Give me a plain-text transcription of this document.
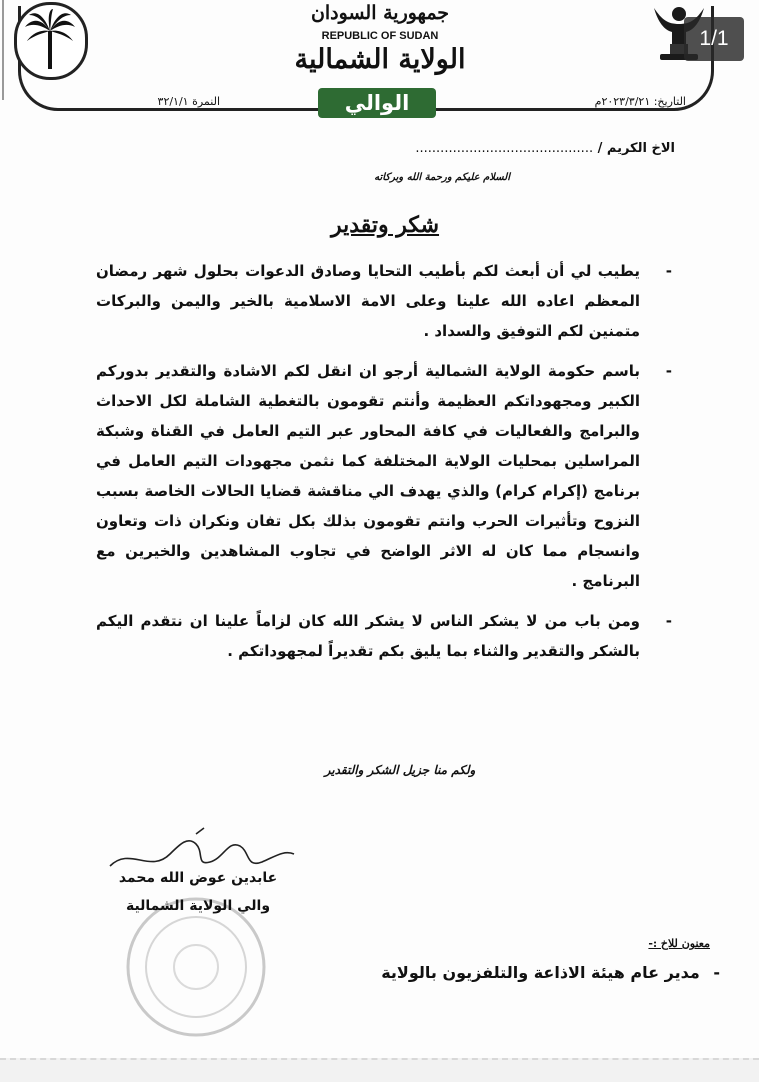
جمهورية السودان
REPUBLIC OF SUDAN
الولاية الشمالية
الوالي	التاريخ: ٢٠٢٣/٣/٢١م
النمرة ٣٢/١/١
1/1
الاخ الكريم / ...........................................
السلام عليكم ورحمة الله وبركاته
شكر وتقدير

-
يطيب لي أن أبعث لكم بأطيب التحايا وصادق الدعوات بحلول شهر رمضان المعظم اعاده الله علينا وعلى الامة الاسلامية بالخير واليمن والبركات متمنين لكم التوفيق والسداد .

-
باسم حكومة الولاية الشمالية أرجو ان انقل لكم الاشادة والتقدير بدوركم الكبير ومجهوداتكم العظيمة وأنتم تقومون بالتغطية الشاملة لكل الاحداث والبرامج والفعاليات في كافة المحاور عبر التيم العامل في القناة وشبكة المراسلين بمحليات الولاية المختلفة كما نثمن مجهودات التيم العامل في برنامج (إكرام كرام) والذي يهدف الي مناقشة قضايا الحالات الخاصة بسبب النزوح وتأثيرات الحرب وانتم تقومون بذلك بكل تفان ونكران ذات وتعاون وانسجام مما كان له الاثر الواضح في تجاوب المشاهدين والخيرين مع البرنامج .

-
ومن باب من لا يشكر الناس لا يشكر الله كان لزاماً علينا ان نتقدم اليكم بالشكر والتقدير والثناء بما يليق بكم تقديراً لمجهوداتكم .

ولكم منا جزيل الشكر والتقدير
عابدين عوض الله محمد
والي الولاية الشمالية
معنون للاخ :-
- مدير عام هيئة الاذاعة والتلفزيون بالولاية
